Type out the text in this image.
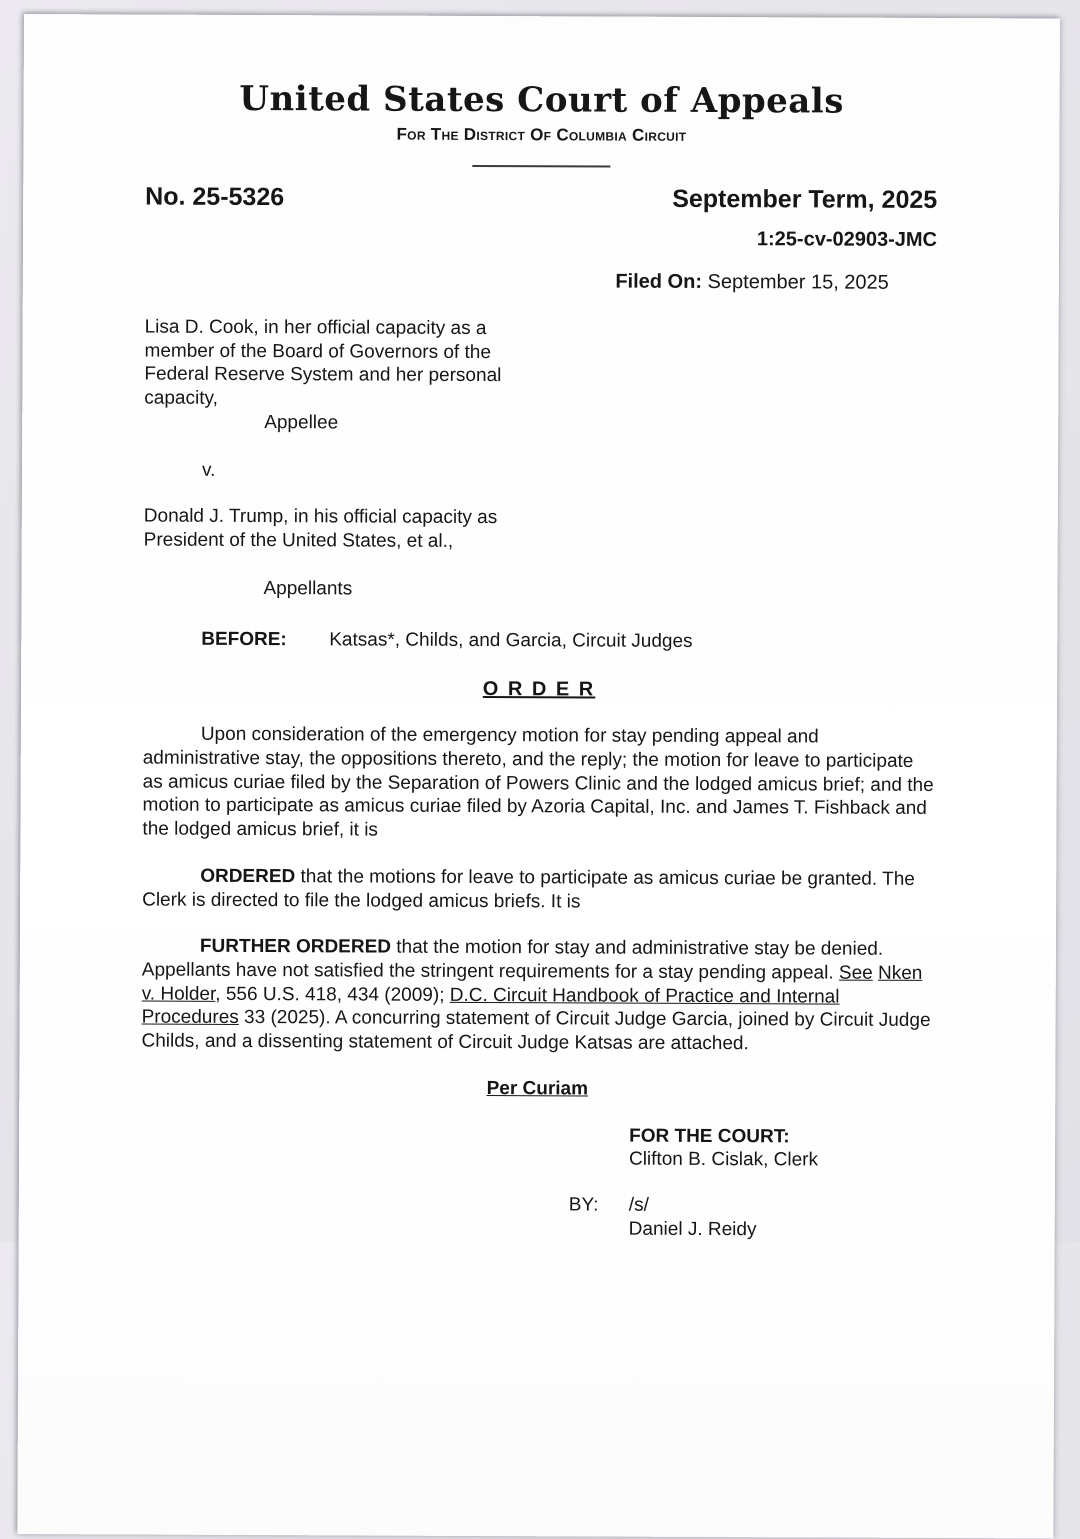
United States Court of Appeals
For The District Of Columbia Circuit
No. 25-5326	September Term, 2025
1:25-cv-02903-JMC
Filed On: September 15, 2025
Lisa D. Cook, in her official capacity as a member of the Board of Governors of the Federal Reserve System and her personal capacity,
Appellee
v.
Donald J. Trump, in his official capacity as President of the United States, et al.,
Appellants
BEFORE:	Katsas*, Childs, and Garcia, Circuit Judges
O R D E R

Upon consideration of the emergency motion for stay pending appeal and administrative stay, the oppositions thereto, and the reply; the motion for leave to participate as amicus curiae filed by the Separation of Powers Clinic and the lodged amicus brief; and the motion to participate as amicus curiae filed by Azoria Capital, Inc. and James T. Fishback and the lodged amicus brief, it is

ORDERED that the motions for leave to participate as amicus curiae be granted. The Clerk is directed to file the lodged amicus briefs. It is

FURTHER ORDERED that the motion for stay and administrative stay be denied. Appellants have not satisfied the stringent requirements for a stay pending appeal. See Nken v. Holder, 556 U.S. 418, 434 (2009); D.C. Circuit Handbook of Practice and Internal Procedures 33 (2025). A concurring statement of Circuit Judge Garcia, joined by Circuit Judge Childs, and a dissenting statement of Circuit Judge Katsas are attached.

Per Curiam
FOR THE COURT:
Clifton B. Cislak, Clerk
BY:	/s/
Daniel J. Reidy
